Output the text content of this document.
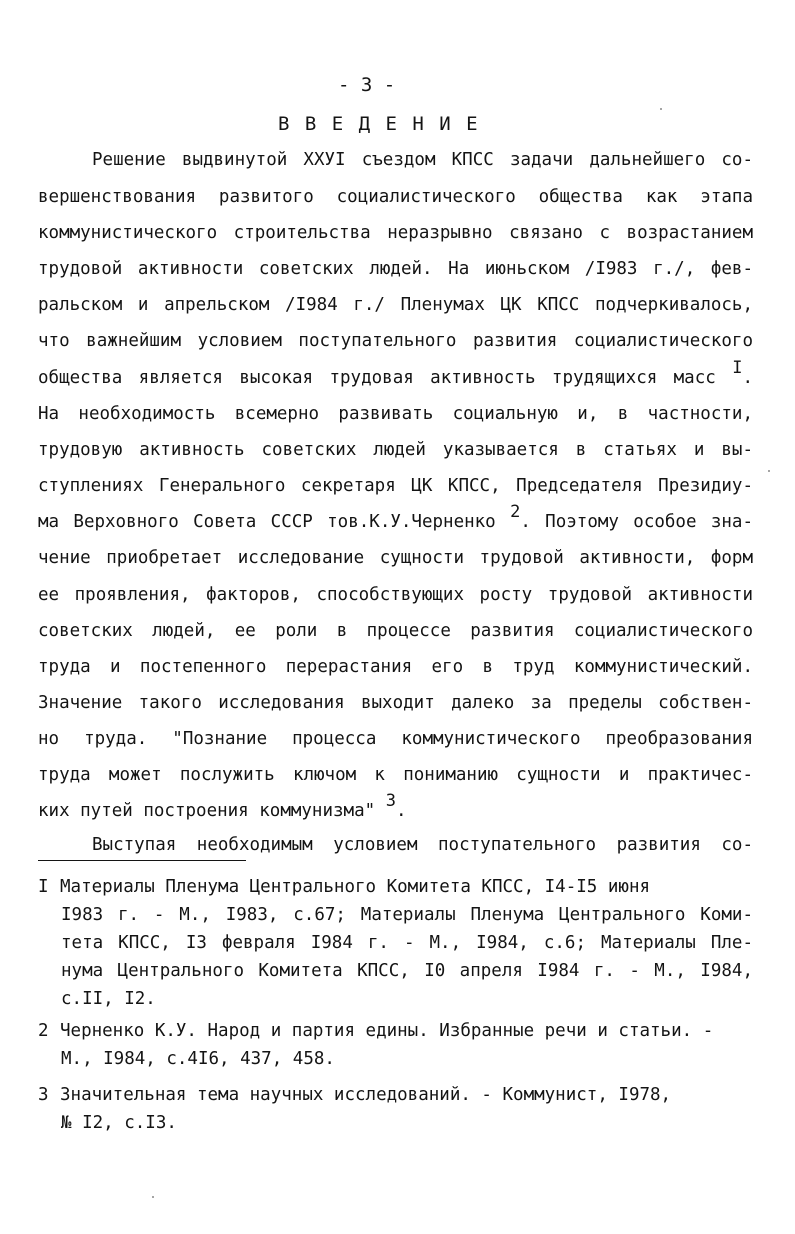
- 3 -
В В Е Д Е Н И Е
Решение выдвинутой XXУI съездом КПСС задачи дальнейшего со-
вершенствования развитого социалистического общества как этапа
коммунистического строительства неразрывно связано с возрастанием
трудовой активности советских людей. На июньском /I983 г./, фев-
ральском и апрельском /I984 г./ Пленумах ЦК КПСС подчеркивалось,
что важнейшим условием поступательного развития социалистического
общества является высокая трудовая активность трудящихся масс $^I$.
На необходимость всемерно развивать социальную и, в частности,
трудовую активность советских людей указывается в статьях и вы-
ступлениях Генерального секретаря ЦК КПСС, Председателя Президиу-
ма Верховного Совета СССР тов.К.У.Черненко $^2$. Поэтому особое зна-
чение приобретает исследование сущности трудовой активности, форм
ее проявления, факторов, способствующих росту трудовой активности
советских людей, ее роли в процессе развития социалистического
труда и постепенного перерастания его в труд коммунистический.
Значение такого исследования выходит далеко за пределы собствен-
но труда. "Познание процесса коммунистического преобразования
труда может послужить ключом к пониманию сущности и практичес-
ких путей построения коммунизма" $^3$.
Выступая необходимым условием поступательного развития со-
I Материалы Пленума Центрального Комитета КПСС, I4-I5 июня
I983 г. - М., I983, с.67; Материалы Пленума Центрального Коми-
тета КПСС, I3 февраля I984 г. - М., I984, с.6; Материалы Пле-
нума Центрального Комитета КПСС, I0 апреля I984 г. - М., I984,
с.II, I2.
2 Черненко К.У. Народ и партия едины. Избранные речи и статьи. -
М., I984, с.4I6, 437, 458.
3 Значительная тема научных исследований. - Коммунист, I978,
№ I2, с.I3.
